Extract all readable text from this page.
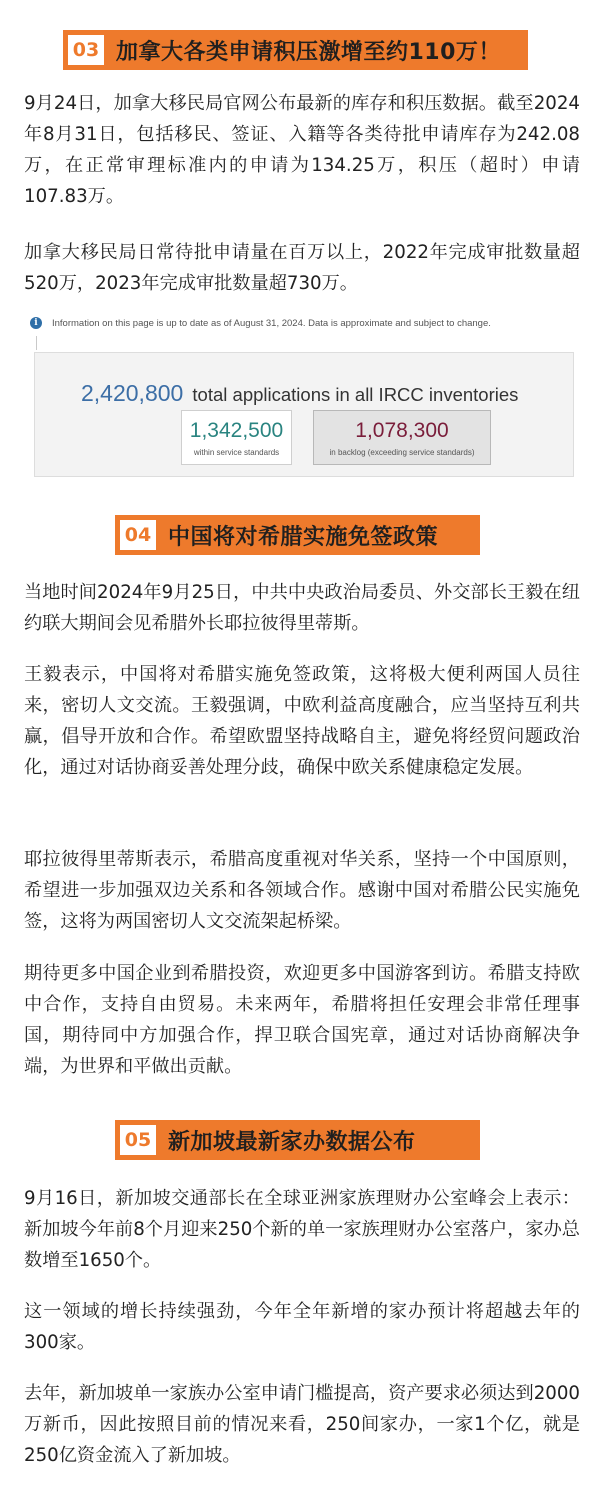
03 加拿大各类申请积压激增至约110万！

9月24日，加拿大移民局官网公布最新的库存和积压数据。截至2024年8月31日，包括移民、签证、入籍等各类待批申请库存为242.08万，在正常审理标准内的申请为134.25万，积压（超时）申请107.83万。

加拿大移民局日常待批申请量在百万以上，2022年完成审批数量超520万，2023年完成审批数量超730万。

i	Information on this page is up to date as of August 31, 2024. Data is approximate and subject to change.
2,420,800 total applications in all IRCC inventories
1,342,500
within service standards
1,078,300
in backlog (exceeding service standards)
04 中国将对希腊实施免签政策

当地时间2024年9月25日，中共中央政治局委员、外交部长王毅在纽约联大期间会见希腊外长耶拉彼得里蒂斯。

王毅表示，中国将对希腊实施免签政策，这将极大便利两国人员往来，密切人文交流。王毅强调，中欧利益高度融合，应当坚持互利共赢，倡导开放和合作。希望欧盟坚持战略自主，避免将经贸问题政治化，通过对话协商妥善处理分歧，确保中欧关系健康稳定发展。

耶拉彼得里蒂斯表示，希腊高度重视对华关系，坚持一个中国原则，希望进一步加强双边关系和各领域合作。感谢中国对希腊公民实施免签，这将为两国密切人文交流架起桥梁。

期待更多中国企业到希腊投资，欢迎更多中国游客到访。希腊支持欧中合作，支持自由贸易。未来两年，希腊将担任安理会非常任理事国，期待同中方加强合作，捍卫联合国宪章，通过对话协商解决争端，为世界和平做出贡献。

05 新加坡最新家办数据公布

9月16日，新加坡交通部长在全球亚洲家族理财办公室峰会上表示：新加坡今年前8个月迎来250个新的单一家族理财办公室落户，家办总数增至1650个。

这一领域的增长持续强劲，今年全年新增的家办预计将超越去年的300家。

去年，新加坡单一家族办公室申请门槛提高，资产要求必须达到2000万新币，因此按照目前的情况来看，250间家办，一家1个亿，就是250亿资金流入了新加坡。
